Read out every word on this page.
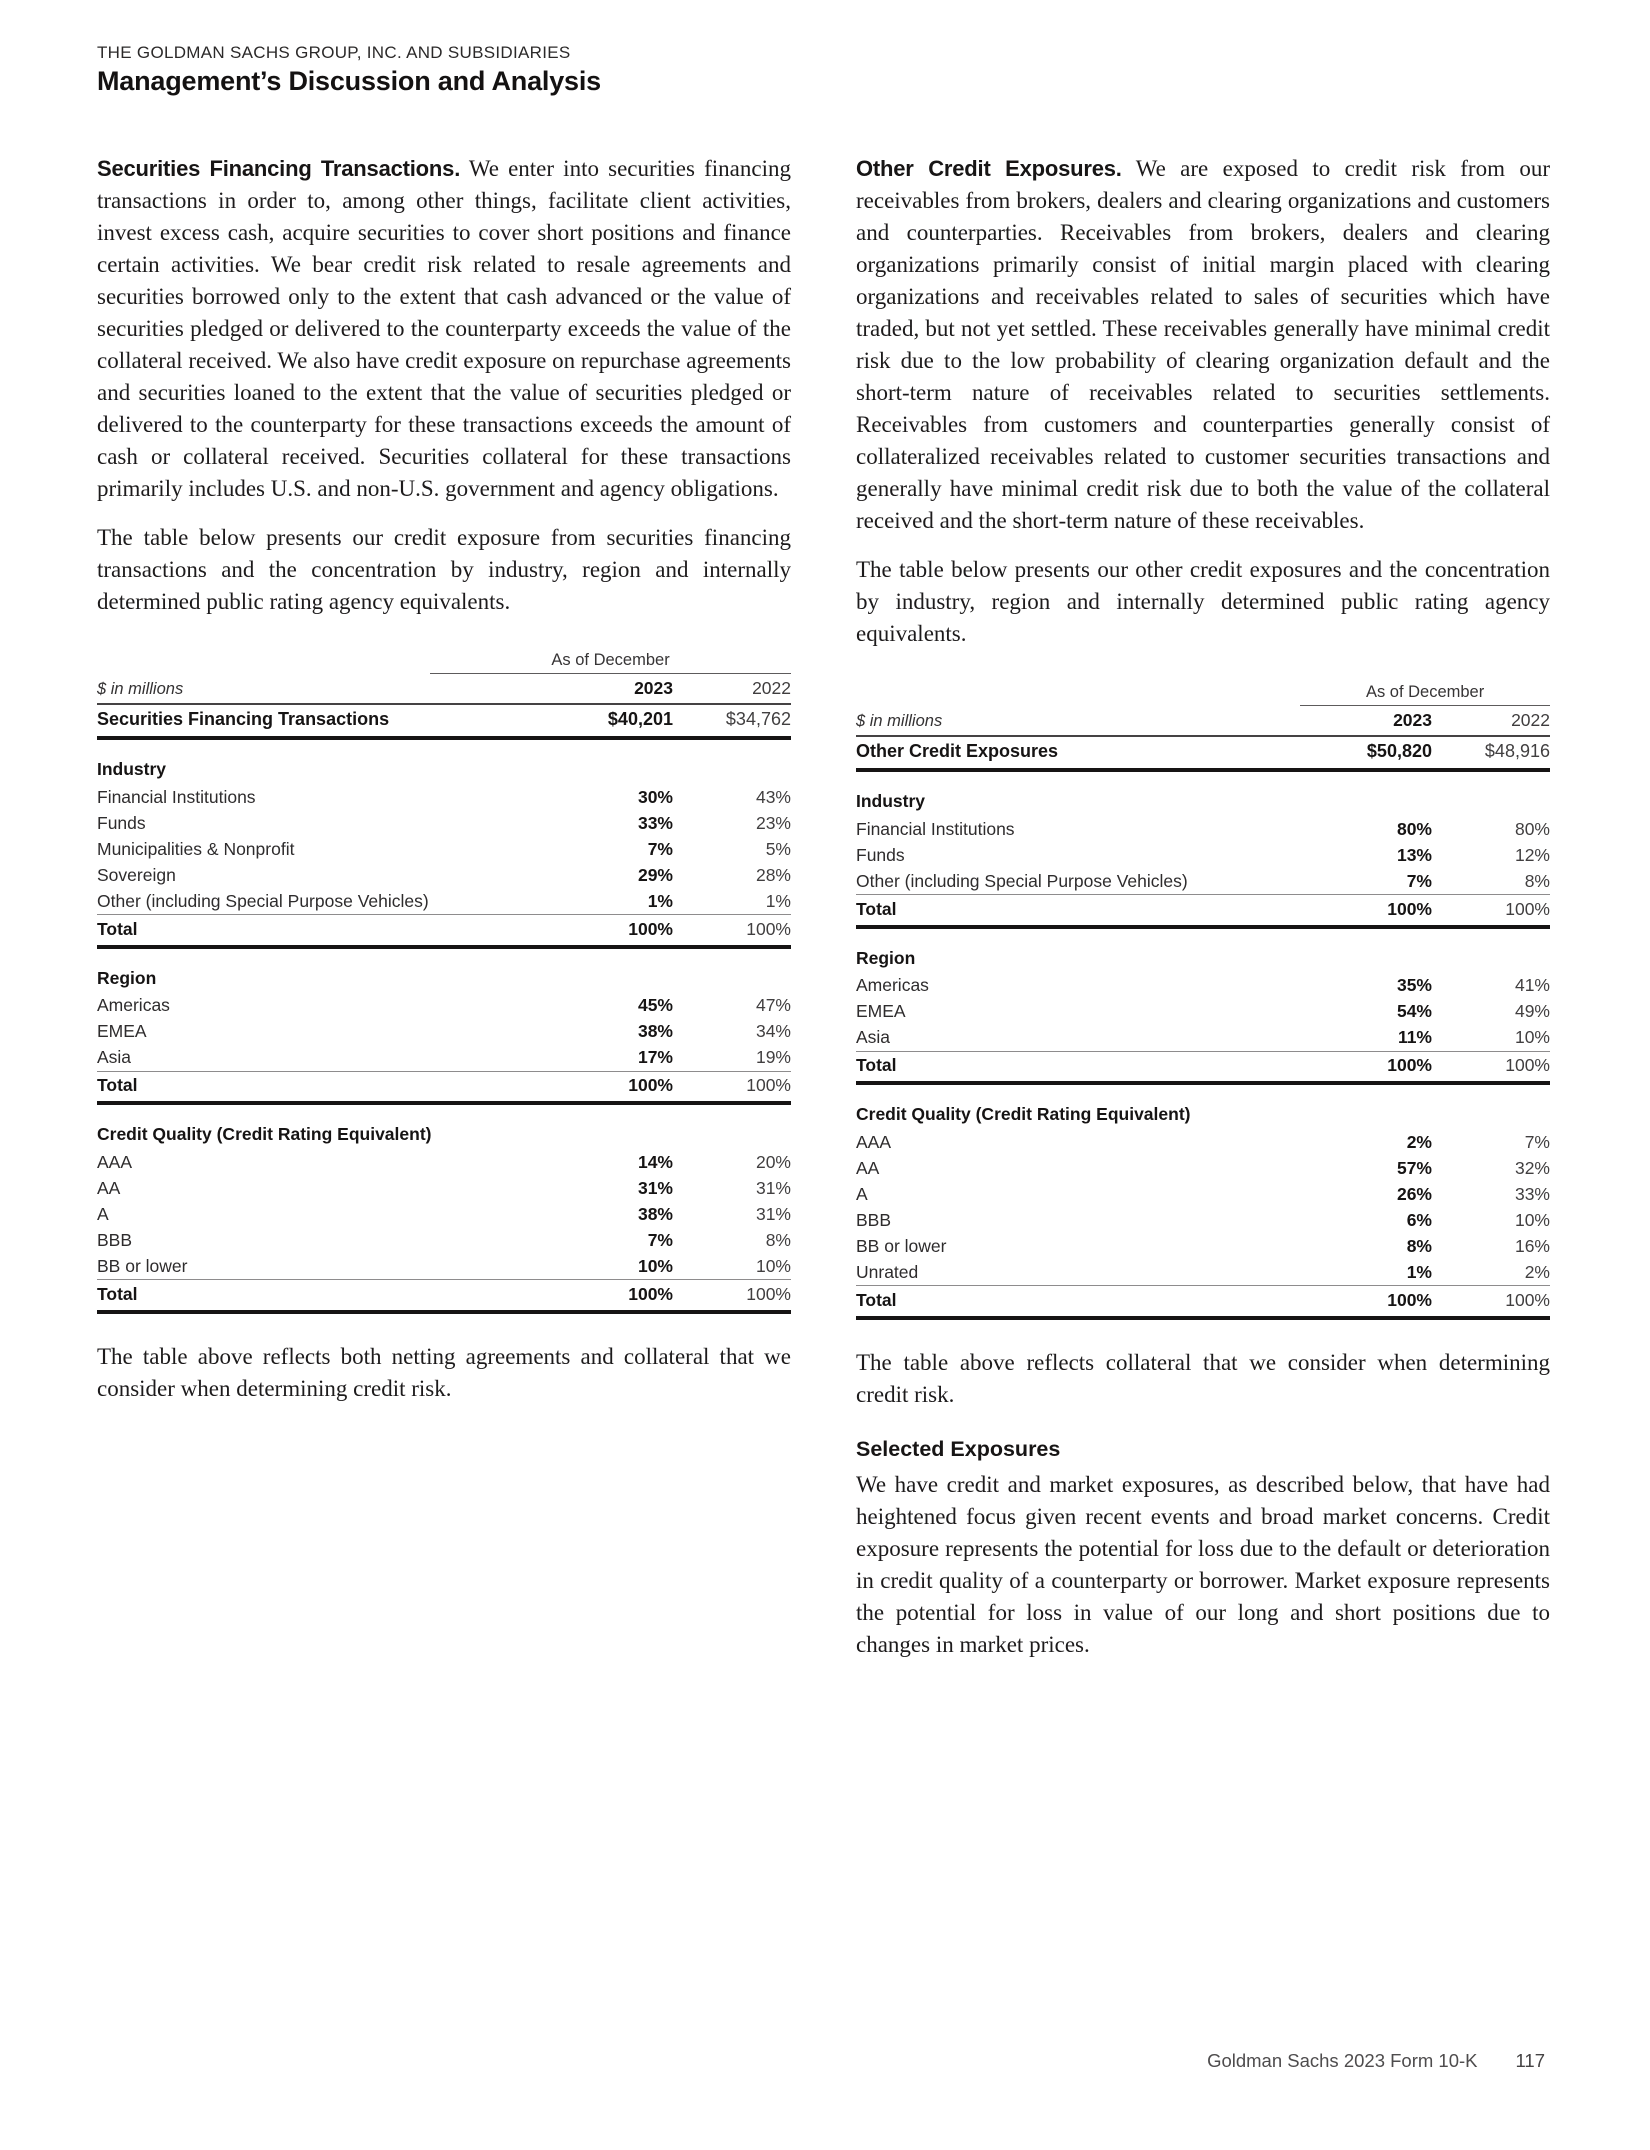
THE GOLDMAN SACHS GROUP, INC. AND SUBSIDIARIES
Management’s Discussion and Analysis

Securities Financing Transactions. We enter into securities financing transactions in order to, among other things, facilitate client activities, invest excess cash, acquire securities to cover short positions and finance certain activities. We bear credit risk related to resale agreements and securities borrowed only to the extent that cash advanced or the value of securities pledged or delivered to the counterparty exceeds the value of the collateral received. We also have credit exposure on repurchase agreements and securities loaned to the extent that the value of securities pledged or delivered to the counterparty for these transactions exceeds the amount of cash or collateral received. Securities collateral for these transactions primarily includes U.S. and non-U.S. government and agency obligations.

The table below presents our credit exposure from securities financing transactions and the concentration by industry, region and internally determined public rating agency equivalents.

As of December
$ in millions	2023	2022
Securities Financing Transactions	$40,201	$34,762
Industry
Financial Institutions	30%	43%
Funds	33%	23%
Municipalities & Nonprofit	7%	5%
Sovereign	29%	28%
Other (including Special Purpose Vehicles)	1%	1%
Total	100%	100%
Region
Americas	45%	47%
EMEA	38%	34%
Asia	17%	19%
Total	100%	100%
Credit Quality (Credit Rating Equivalent)
AAA	14%	20%
AA	31%	31%
A	38%	31%
BBB	7%	8%
BB or lower	10%	10%
Total	100%	100%

The table above reflects both netting agreements and collateral that we consider when determining credit risk.

Other Credit Exposures. We are exposed to credit risk from our receivables from brokers, dealers and clearing organizations and customers and counterparties. Receivables from brokers, dealers and clearing organizations primarily consist of initial margin placed with clearing organizations and receivables related to sales of securities which have traded, but not yet settled. These receivables generally have minimal credit risk due to the low probability of clearing organization default and the short-term nature of receivables related to securities settlements. Receivables from customers and counterparties generally consist of collateralized receivables related to customer securities transactions and generally have minimal credit risk due to both the value of the collateral received and the short-term nature of these receivables.

The table below presents our other credit exposures and the concentration by industry, region and internally determined public rating agency equivalents.

As of December
$ in millions	2023	2022
Other Credit Exposures	$50,820	$48,916
Industry
Financial Institutions	80%	80%
Funds	13%	12%
Other (including Special Purpose Vehicles)	7%	8%
Total	100%	100%
Region
Americas	35%	41%
EMEA	54%	49%
Asia	11%	10%
Total	100%	100%
Credit Quality (Credit Rating Equivalent)
AAA	2%	7%
AA	57%	32%
A	26%	33%
BBB	6%	10%
BB or lower	8%	16%
Unrated	1%	2%
Total	100%	100%

The table above reflects collateral that we consider when determining credit risk.

Selected Exposures

We have credit and market exposures, as described below, that have had heightened focus given recent events and broad market concerns. Credit exposure represents the potential for loss due to the default or deterioration in credit quality of a counterparty or borrower. Market exposure represents the potential for loss in value of our long and short positions due to changes in market prices.

Goldman Sachs 2023 Form 10-K 117
